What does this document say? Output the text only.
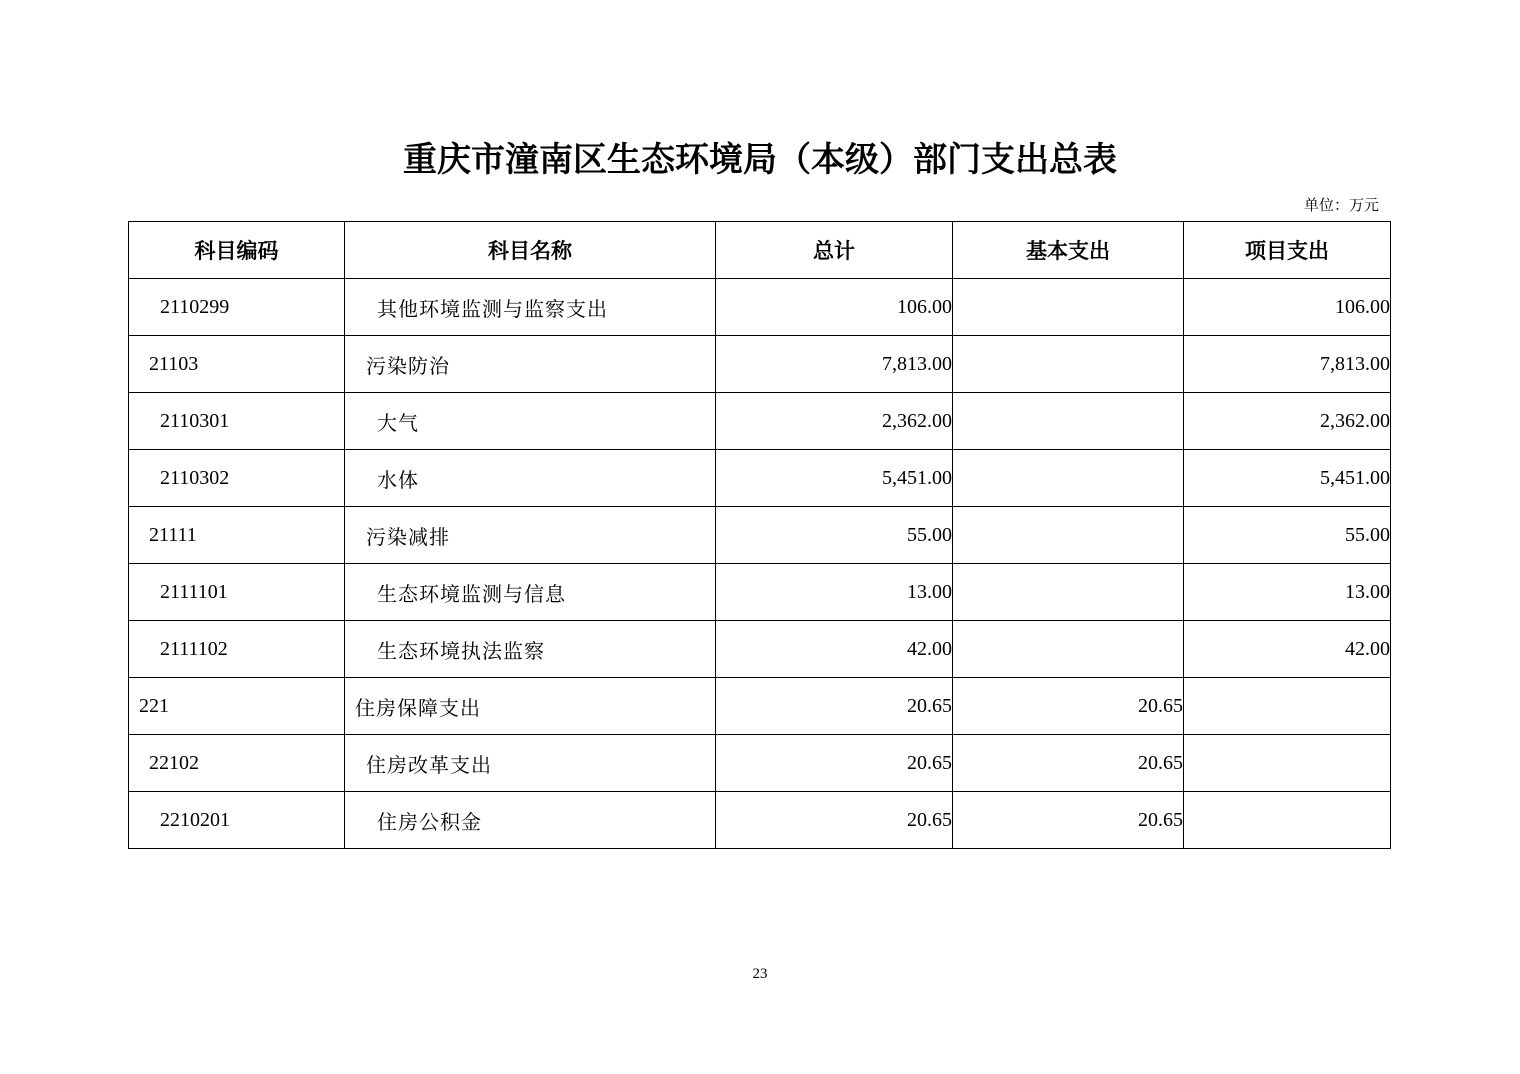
重庆市潼南区生态环境局（本级）部门支出总表
单位：万元
科目编码	科目名称	总计	基本支出	项目支出
2110299	其他环境监测与监察支出	106.00		106.00
21103	污染防治	7,813.00		7,813.00
2110301	大气	2,362.00		2,362.00
2110302	水体	5,451.00		5,451.00
21111	污染减排	55.00		55.00
2111101	生态环境监测与信息	13.00		13.00
2111102	生态环境执法监察	42.00		42.00
221	住房保障支出	20.65	20.65	
22102	住房改革支出	20.65	20.65	
2210201	住房公积金	20.65	20.65	
23
